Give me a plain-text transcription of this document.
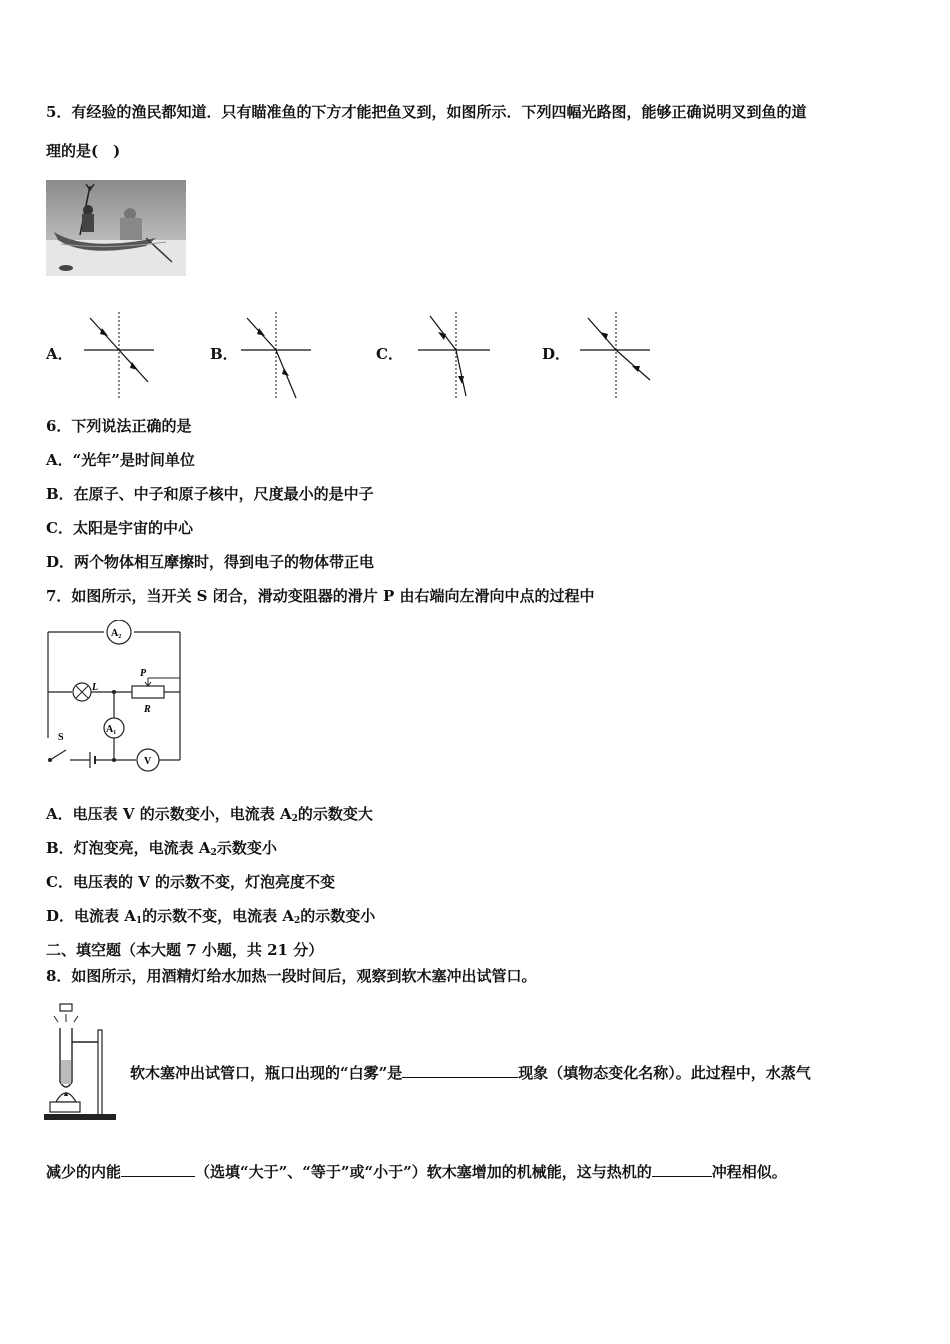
5．有经验的渔民都知道．只有瞄准鱼的下方才能把鱼叉到，如图所示．下列四幅光路图，能够正确说明叉到鱼的道
理的是(　)
A．	B．	C．	D．
6．下列说法正确的是
A．“光年”是时间单位
B．在原子、中子和原子核中，尺度最小的是中子
C．太阳是宇宙的中心
D．两个物体相互摩擦时，得到电子的物体带正电
7．如图所示，当开关 S 闭合，滑动变阻器的滑片 P 由右端向左滑向中点的过程中
A₂
L
P
R
A₁
S
V
A．电压表 V 的示数变小，电流表 $A_2$的示数变大
B．灯泡变亮，电流表 $A_2$示数变小
C．电压表的 V 的示数不变，灯泡亮度不变
D．电流表 $A_1$的示数不变，电流表 $A_2$的示数变小
二、填空题（本大题 7 小题，共 21 分）
8．如图所示，用酒精灯给水加热一段时间后，观察到软木塞冲出试管口。
软木塞冲出试管口，瓶口出现的“白雾”是	现象（填物态变化名称）。此过程中，水蒸气
减少的内能	（选填“大于”、“等于”或“小于”）软木塞增加的机械能，这与热机的	冲程相似。
